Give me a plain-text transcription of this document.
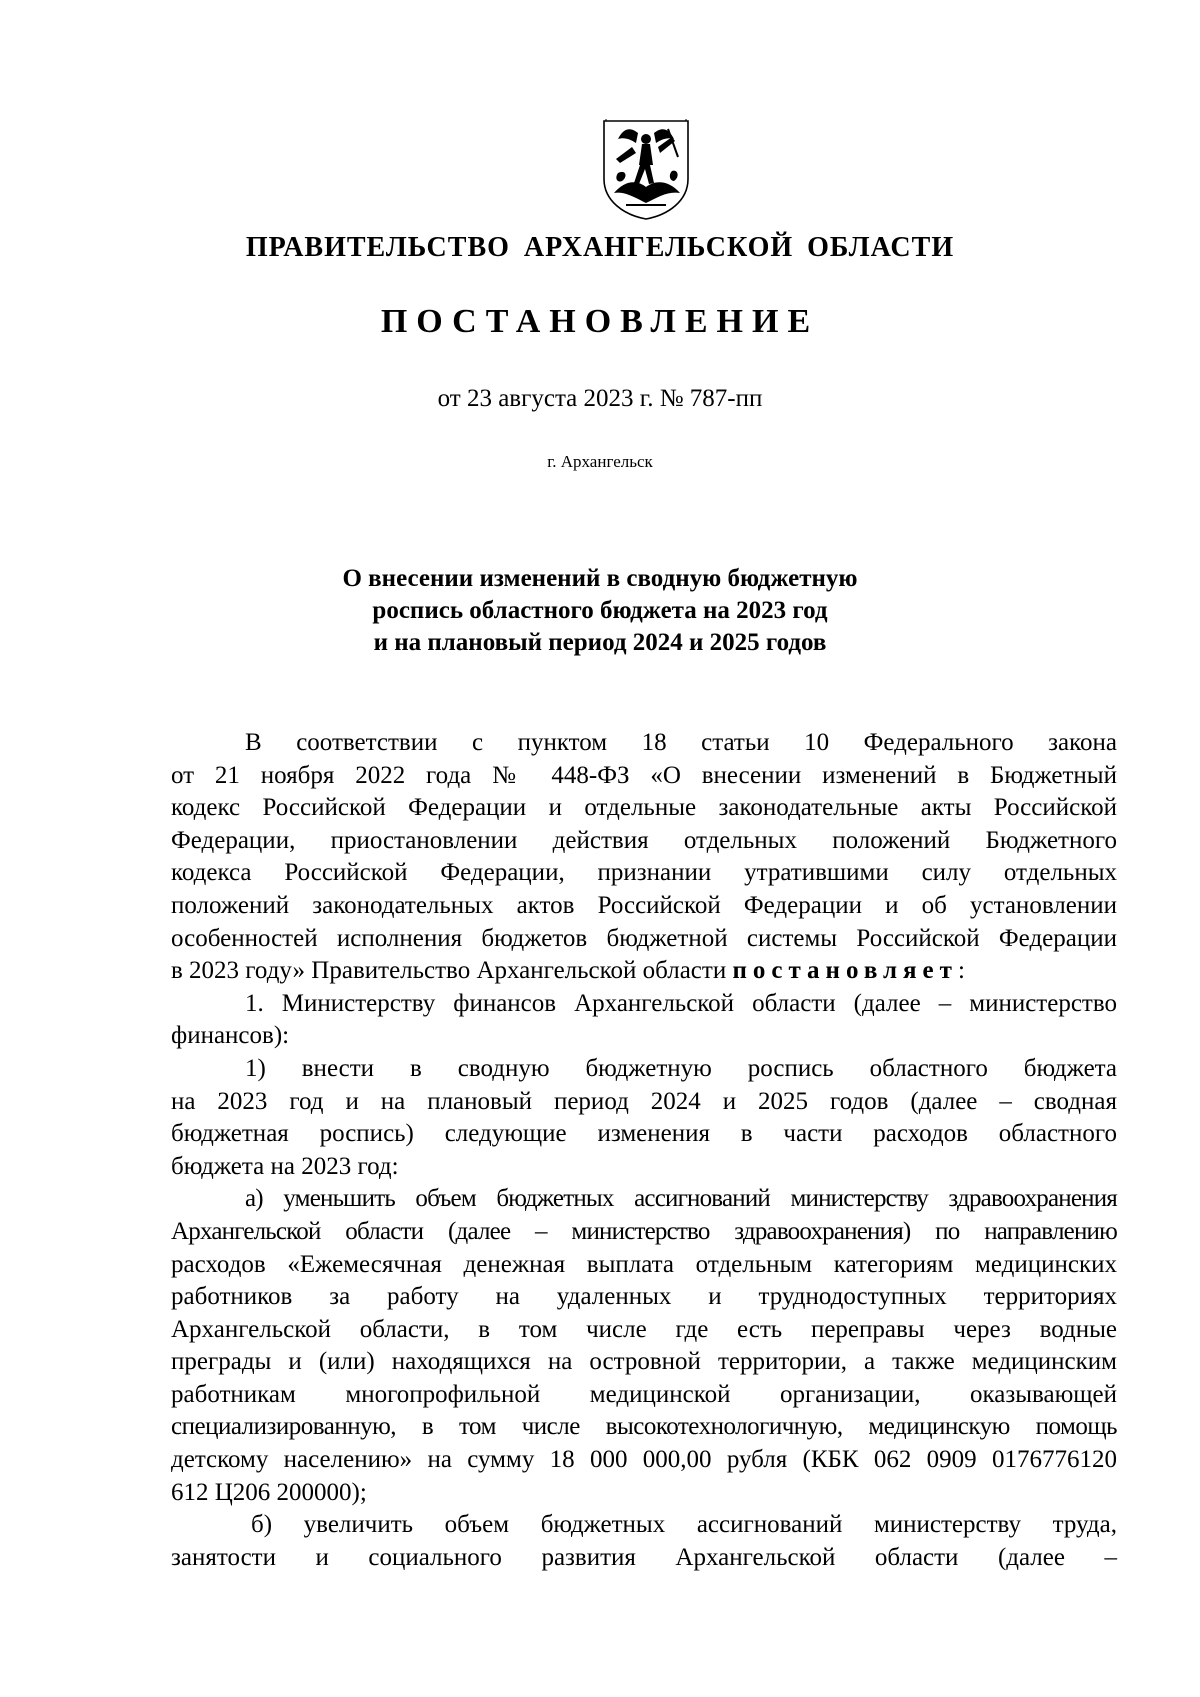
ПРАВИТЕЛЬСТВО АРХАНГЕЛЬСКОЙ ОБЛАСТИ
ПОСТАНОВЛЕНИЕ
от 23 августа 2023 г. № 787-пп
г. Архангельск
О внесении изменений в сводную бюджетную
роспись областного бюджета на 2023 год
и на плановый период 2024 и 2025 годов
В соответствии с пунктом 18 статьи 10 Федерального закона
от 21 ноября 2022 года № 448-ФЗ «О внесении изменений в Бюджетный
кодекс Российской Федерации и отдельные законодательные акты Российской
Федерации, приостановлении действия отдельных положений Бюджетного
кодекса Российской Федерации, признании утратившими силу отдельных
положений законодательных актов Российской Федерации и об установлении
особенностей исполнения бюджетов бюджетной системы Российской Федерации
в 2023 году» Правительство Архангельской области постановляет:
1. Министерству финансов Архангельской области (далее – министерство
финансов):
1) внести в сводную бюджетную роспись областного бюджета
на 2023 год и на плановый период 2024 и 2025 годов (далее – сводная
бюджетная роспись) следующие изменения в части расходов областного
бюджета на 2023 год:
а) уменьшить объем бюджетных ассигнований министерству здравоохранения
Архангельской области (далее – министерство здравоохранения) по направлению
расходов «Ежемесячная денежная выплата отдельным категориям медицинских
работников за работу на удаленных и труднодоступных территориях
Архангельской области, в том числе где есть переправы через водные
преграды и (или) находящихся на островной территории, а также медицинским
работникам многопрофильной медицинской организации, оказывающей
специализированную, в том числе высокотехнологичную, медицинскую помощь
детскому населению» на сумму 18 000 000,00 рубля (КБК 062 0909 0176776120
612 Ц206 200000);
б) увеличить объем бюджетных ассигнований министерству труда,
занятости и социального развития Архангельской области (далее –
